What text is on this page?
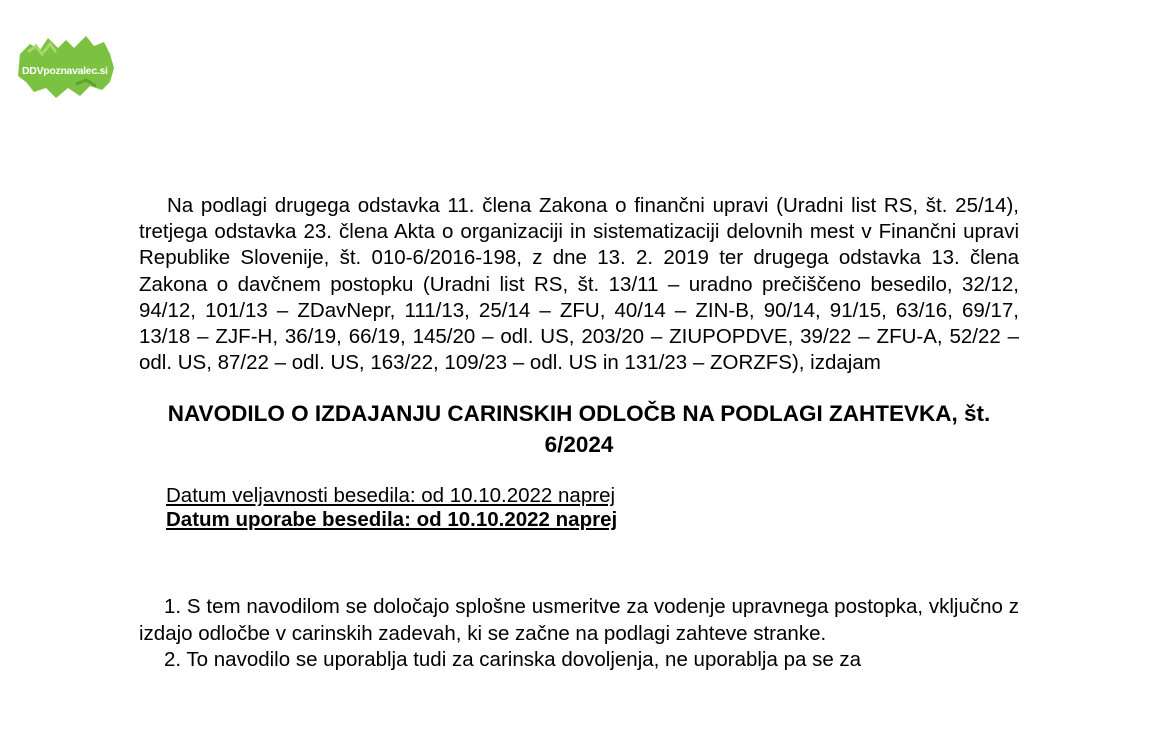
DDVpoznavalec.si

Na podlagi drugega odstavka 11. člena Zakona o finančni upravi (Uradni list RS, št. 25/14), tretjega odstavka 23. člena Akta o organizaciji in sistematizaciji delovnih mest v Finančni upravi Republike Slovenije, št. 010-6/2016-198, z dne 13. 2. 2019 ter drugega odstavka 13. člena Zakona o davčnem postopku (Uradni list RS, št. 13/11 – uradno prečiščeno besedilo, 32/12, 94/12, 101/13 – ZDavNepr, 111/13, 25/14 – ZFU, 40/14 – ZIN-B, 90/14, 91/15, 63/16, 69/17, 13/18 – ZJF-H, 36/19, 66/19, 145/20 – odl. US, 203/20 – ZIUPOPDVE, 39/22 – ZFU-A, 52/22 – odl. US, 87/22 – odl. US, 163/22, 109/23 – odl. US in 131/23 – ZORZFS), izdajam

NAVODILO O IZDAJANJU CARINSKIH ODLOČB NA PODLAGI ZAHTEVKA, št. 6/2024
Datum veljavnosti besedila: od 10.10.2022 naprej
Datum uporabe besedila: od 10.10.2022 naprej

1. S tem navodilom se določajo splošne usmeritve za vodenje upravnega postopka, vključno z izdajo odločbe v carinskih zadevah, ki se začne na podlagi zahteve stranke.

2. To navodilo se uporablja tudi za carinska dovoljenja, ne uporablja pa se za
